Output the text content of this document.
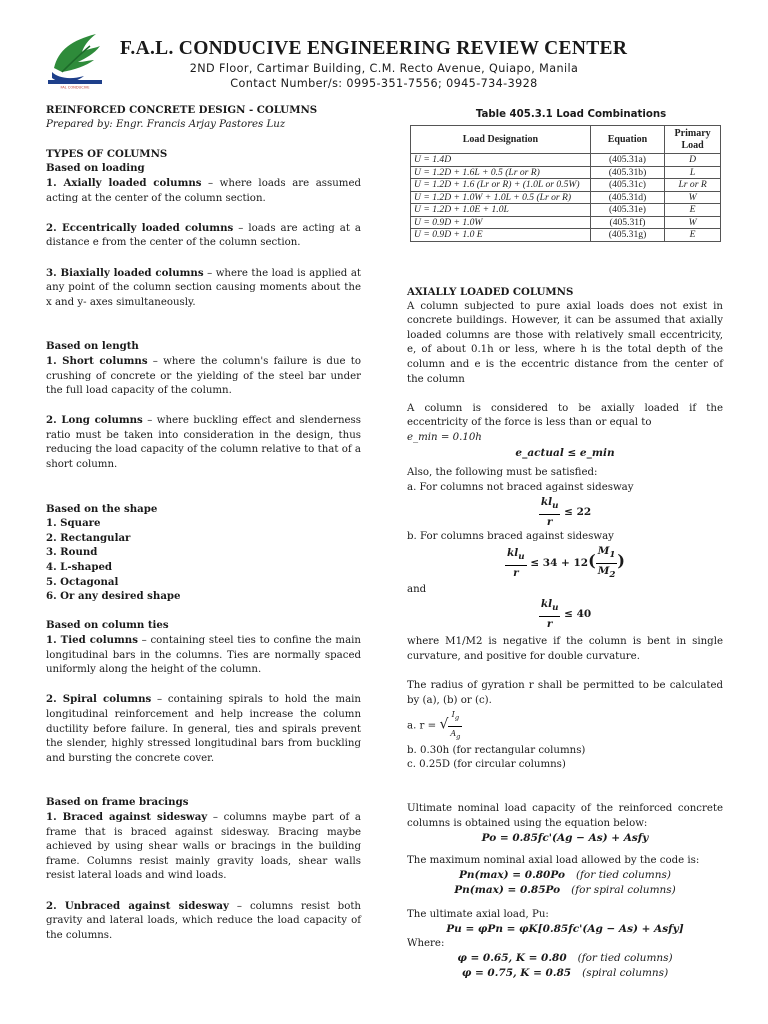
FAL CONDUCIVE
F.A.L. CONDUCIVE ENGINEERING REVIEW CENTER
2ND Floor, Cartimar Building, C.M. Recto Avenue, Quiapo, Manila
Contact Number/s: 0995-351-7556; 0945-734-3928

REINFORCED CONCRETE DESIGN - COLUMNS

Prepared by: Engr. Francis Arjay Pastores Luz

TYPES OF COLUMNS

Based on loading

1. Axially loaded columns – where loads are assumed acting at the center of the column section.

2. Eccentrically loaded columns – loads are acting at a distance e from the center of the column section.

3. Biaxially loaded columns – where the load is applied at any point of the column section causing moments about the x and y- axes simultaneously.

Based on length

1. Short columns – where the column's failure is due to crushing of concrete or the yielding of the steel bar under the full load capacity of the column.

2. Long columns – where buckling effect and slenderness ratio must be taken into consideration in the design, thus reducing the load capacity of the column relative to that of a short column.

Based on the shape

1. Square

2. Rectangular

3. Round

4. L-shaped

5. Octagonal

6. Or any desired shape

Based on column ties

1. Tied columns – containing steel ties to confine the main longitudinal bars in the columns. Ties are normally spaced uniformly along the height of the column.

2. Spiral columns – containing spirals to hold the main longitudinal reinforcement and help increase the column ductility before failure. In general, ties and spirals prevent the slender, highly stressed longitudinal bars from buckling and bursting the concrete cover.

Based on frame bracings

1. Braced against sidesway – columns maybe part of a frame that is braced against sidesway. Bracing maybe achieved by using shear walls or bracings in the building frame. Columns resist mainly gravity loads, shear walls resist lateral loads and wind loads.

2. Unbraced against sidesway – columns resist both gravity and lateral loads, which reduce the load capacity of the columns.

Table 405.3.1 Load Combinations
Load Designation	Equation	Primary Load
U = 1.4D	(405.31a)	D
U = 1.2D + 1.6L + 0.5 (Lr or R)	(405.31b)	L
U = 1.2D + 1.6 (Lr or R) + (1.0L or 0.5W)	(405.31c)	Lr or R
U = 1.2D + 1.0W + 1.0L + 0.5 (Lr or R)	(405.31d)	W
U = 1.2D + 1.0E + 1.0L	(405.31e)	E
U = 0.9D + 1.0W	(405.31f)	W
U = 0.9D + 1.0 E	(405.31g)	E

AXIALLY LOADED COLUMNS

A column subjected to pure axial loads does not exist in concrete buildings. However, it can be assumed that axially loaded columns are those with relatively small eccentricity, e, of about 0.1h or less, where h is the total depth of the column and e is the eccentric distance from the center of the column

A column is considered to be axially loaded if the eccentricity of the force is less than or equal to

e_min = 0.10h

e_actual ≤ e_min

Also, the following must be satisfied:

a. For columns not braced against sidesway

$\frac{kl_u}{r} \le 22$

b. For columns braced against sidesway

$\frac{kl_u}{r} \le 34 + 12( \frac{M_1}{M_2}$ )

and

$\frac{kl_u}{r} \le 40$

where M1/M2 is negative if the column is bent in single curvature, and positive for double curvature.

The radius of gyration r shall be permitted to be calculated by (a), (b) or (c).

a. r = √ $\frac{I_g}{A_g}$

b. 0.30h (for rectangular columns)

c. 0.25D (for circular columns)

Ultimate nominal load capacity of the reinforced concrete columns is obtained using the equation below:

Po = 0.85fc'(Ag − As) + Asfy

The maximum nominal axial load allowed by the code is:

Pn(max) = 0.80Po (for tied columns)

Pn(max) = 0.85Po (for spiral columns)

The ultimate axial load, Pu:

Pu = φPn = φK[0.85fc'(Ag − As) + Asfy]

Where:

φ = 0.65, K = 0.80 (for tied columns)

φ = 0.75, K = 0.85 (spiral columns)
